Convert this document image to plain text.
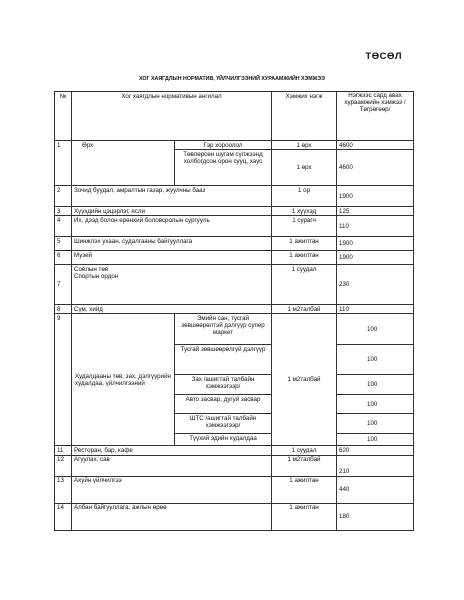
ТӨСӨЛ
ХОГ ХАЯГДЛЫН НОРМАТИВ, ҮЙЛЧИЛГЭЭНИЙ ХУРААМЖИЙН ХЭМЖЭЭ
№	Хог хаягдлын нормативын ангилал		Хэмжих нэгж	Нэгжээс сард авах хураамжийн хэмжээ /Төгрөгөөр/
1	Өрх	Гэр хороолол	1 өрх	4600
		Төвлөрсөн шугам сүлжээнд холбогдсон орон сууц, хаус	1 өрх	4600
2	Зочид буудал, амралтын газар, жуулчны бааз		1 ор	1900
3	Хүүхдийн цэцэрлэг, ясли		1 хүүхэд	125
4	Их, дээд болон ерөнхий боловсролын сургууль		1 сурагч	110
5	Шинжлэх ухаан, судалгааны байгууллага		1 ажилтан	1900
6	Музей		1 ажилтан	1900
7	Соёлын төв
Спортын ордон		1 суудал	230
8	Сүм, хийд		1 м2талбай	110
9	Худалдааны төв, зах, дэлгүүрийн худалдаа, үйлчилгээний	Эмийн сан, тусгай зөвшөөрөлтэй дэлгүүр супер маркет	1 м2талбай	100
		Тусгай зөвшөөрөлгүй дэлгүүр		100
		Зах /ашигтай талбайн хэмжээгээр/		100
		Авто засвар, дугуй засвар		100
		ШТС /ашигтай талбайн хэмжээгээр/		100
		Түүхий эдийн худалдаа		100
11	Ресторан, бар, кафе		1 суудал	620
12	Агуулах, сав		1 м2талбай	210
13	Ахуйн үйлчилгээ		1 ажилтан	440
14	Албан байгууллага, ажлын өрөө		1 ажилтан	180
